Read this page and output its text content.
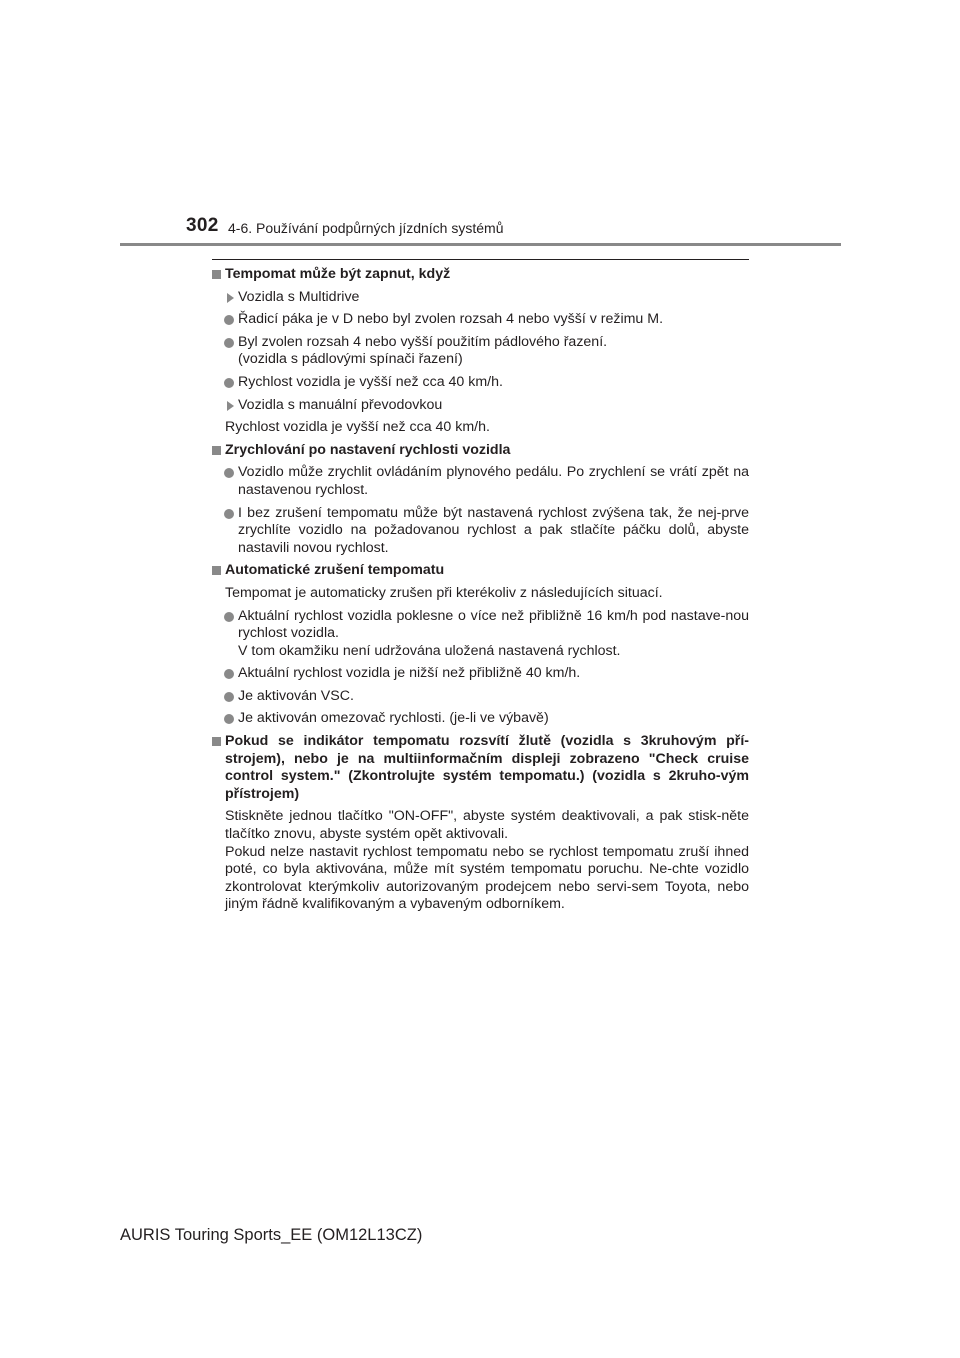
302 4-6. Používání podpůrných jízdních systémů
Tempomat může být zapnut, když
Vozidla s Multidrive
Řadicí páka je v D nebo byl zvolen rozsah 4 nebo vyšší v režimu M.
Byl zvolen rozsah 4 nebo vyšší použitím pádlového řazení.
(vozidla s pádlovými spínači řazení)
Rychlost vozidla je vyšší než cca 40 km/h.
Vozidla s manuální převodovkou
Rychlost vozidla je vyšší než cca 40 km/h.
Zrychlování po nastavení rychlosti vozidla
Vozidlo může zrychlit ovládáním plynového pedálu. Po zrychlení se vrátí zpět na nastavenou rychlost.
I bez zrušení tempomatu může být nastavená rychlost zvýšena tak, že nej-prve zrychlíte vozidlo na požadovanou rychlost a pak stlačíte páčku dolů, abyste nastavili novou rychlost.
Automatické zrušení tempomatu
Tempomat je automaticky zrušen při kterékoliv z následujících situací.
Aktuální rychlost vozidla poklesne o více než přibližně 16 km/h pod nastave-nou rychlost vozidla.
V tom okamžiku není udržována uložená nastavená rychlost.
Aktuální rychlost vozidla je nižší než přibližně 40 km/h.
Je aktivován VSC.
Je aktivován omezovač rychlosti. (je-li ve výbavě)
Pokud se indikátor tempomatu rozsvítí žlutě (vozidla s 3kruhovým pří-strojem), nebo je na multiinformačním displeji zobrazeno "Check cruise control system." (Zkontrolujte systém tempomatu.) (vozidla s 2kruho-vým přístrojem)
Stiskněte jednou tlačítko "ON-OFF", abyste systém deaktivovali, a pak stisk-něte tlačítko znovu, abyste systém opět aktivovali.
Pokud nelze nastavit rychlost tempomatu nebo se rychlost tempomatu zruší ihned poté, co byla aktivována, může mít systém tempomatu poruchu. Ne-chte vozidlo zkontrolovat kterýmkoliv autorizovaným prodejcem nebo servi-sem Toyota, nebo jiným řádně kvalifikovaným a vybaveným odborníkem.
AURIS Touring Sports_EE (OM12L13CZ)
